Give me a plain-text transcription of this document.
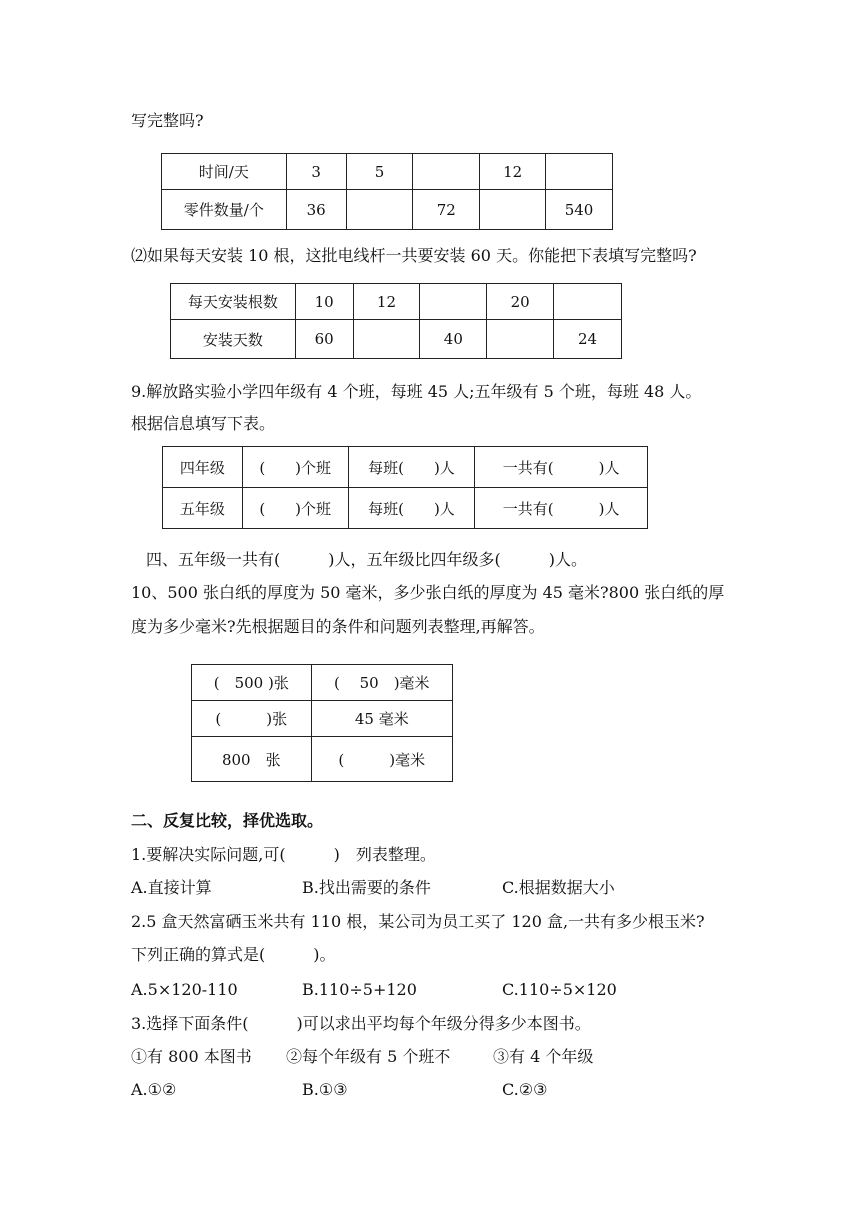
写完整吗?
时间/天	3	5		12	
零件数量/个	36		72		540
⑵如果每天安装 10 根，这批电线杆一共要安装 60 天。你能把下表填写完整吗?
每天安装根数	10	12		20	
安装天数	60		40		24
9.解放路实验小学四年级有 4 个班，每班 45 人;五年级有 5 个班，每班 48 人。
根据信息填写下表。
四年级	(　　)个班	每班(　　)人	一共有(　　　)人
五年级	(　　)个班	每班(　　)人	一共有(　　　)人
四、五年级一共有(　　　)人，五年级比四年级多(　　　)人。
10、500 张白纸的厚度为 50 毫米，多少张白纸的厚度为 45 毫米?800 张白纸的厚
度为多少毫米?先根据题目的条件和问题列表整理,再解答。
(　500 )张	(　 50　)毫米
(　　　)张	45 毫米
800　张	(　　　)毫米
二、反复比较，择优选取。
1.要解决实际问题,可(　　　)　列表整理。
A.直接计算	B.找出需要的条件	C.根据数据大小
2.5 盒天然富硒玉米共有 110 根，某公司为员工买了 120 盒,一共有多少根玉米?
下列正确的算式是(　　　)。
A.5×120-110	B.110÷5+120	C.110÷5×120
3.选择下面条件(　　　)可以求出平均每个年级分得多少本图书。
①有 800 本图书 ②每个年级有 5 个班不	③有 4 个年级
A.①②	B.①③	C.②③
